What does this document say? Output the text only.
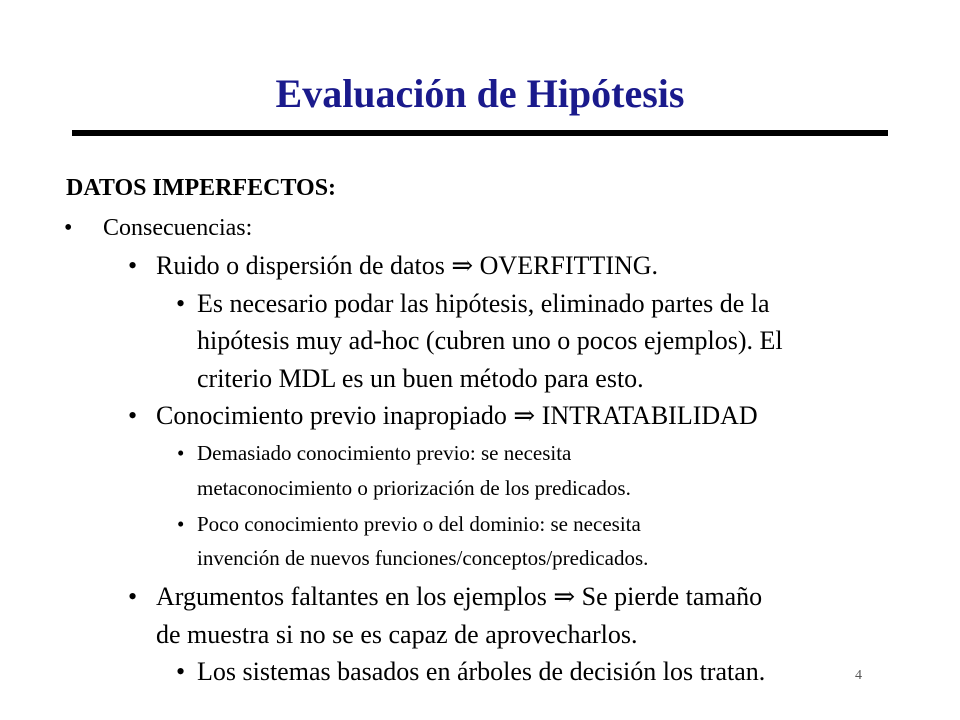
Evaluación de Hipótesis
DATOS IMPERFECTOS:
• Consecuencias:
• Ruido o dispersión de datos ⇒ OVERFITTING.
• Es necesario podar las hipótesis, eliminado partes de la
hipótesis muy ad-hoc (cubren uno o pocos ejemplos). El
criterio MDL es un buen método para esto.
• Conocimiento previo inapropiado ⇒ INTRATABILIDAD
• Demasiado conocimiento previo: se necesita
metaconocimiento o priorización de los predicados.
• Poco conocimiento previo o del dominio: se necesita
invención de nuevos funciones/conceptos/predicados.
• Argumentos faltantes en los ejemplos ⇒ Se pierde tamaño
de muestra si no se es capaz de aprovecharlos.
• Los sistemas basados en árboles de decisión los tratan.	4
